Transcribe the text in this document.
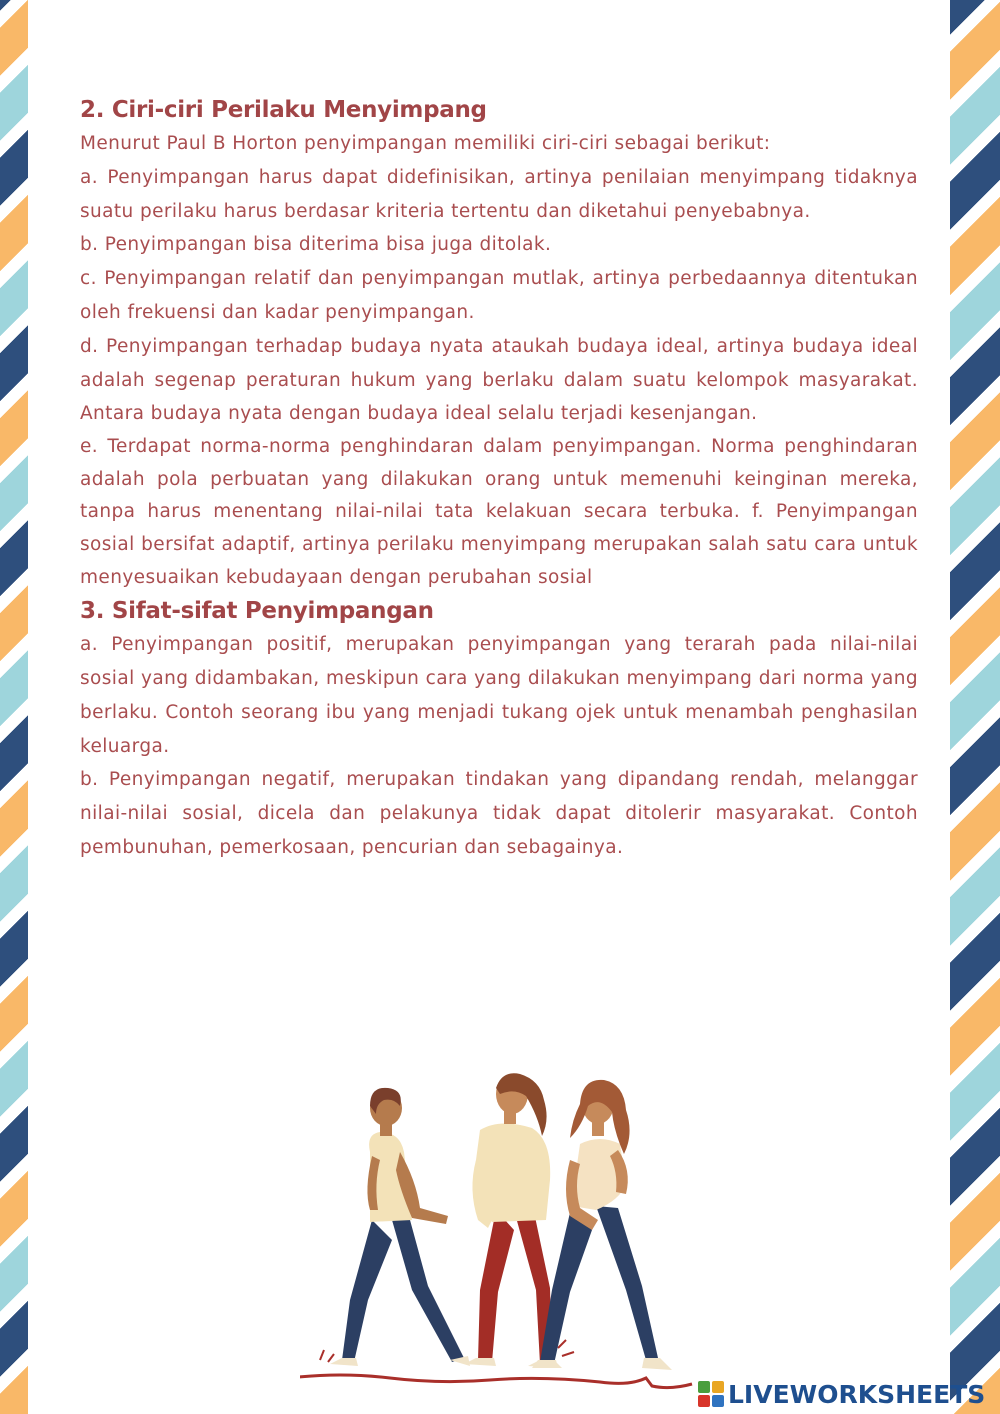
2. Ciri-ciri Perilaku Menyimpang

Menurut Paul B Horton penyimpangan memiliki ciri-ciri sebagai berikut:

a. Penyimpangan harus dapat didefinisikan, artinya penilaian menyimpang tidaknya suatu perilaku harus berdasar kriteria tertentu dan diketahui penyebabnya.

b. Penyimpangan bisa diterima bisa juga ditolak.

c. Penyimpangan relatif dan penyimpangan mutlak, artinya perbedaannya ditentukan oleh frekuensi dan kadar penyimpangan.

d. Penyimpangan terhadap budaya nyata ataukah budaya ideal, artinya budaya ideal adalah segenap peraturan hukum yang berlaku dalam suatu kelompok masyarakat. Antara budaya nyata dengan budaya ideal selalu terjadi kesenjangan.

e. Terdapat norma-norma penghindaran dalam penyimpangan. Norma penghindaran adalah pola perbuatan yang dilakukan orang untuk memenuhi keinginan mereka, tanpa harus menentang nilai-nilai tata kelakuan secara terbuka. f. Penyimpangan sosial bersifat adaptif, artinya perilaku menyimpang merupakan salah satu cara untuk menyesuaikan kebudayaan dengan perubahan sosial

3. Sifat-sifat Penyimpangan

a. Penyimpangan positif, merupakan penyimpangan yang terarah pada nilai-nilai sosial yang didambakan, meskipun cara yang dilakukan menyimpang dari norma yang berlaku. Contoh seorang ibu yang menjadi tukang ojek untuk menambah penghasilan keluarga.

b. Penyimpangan negatif, merupakan tindakan yang dipandang rendah, melanggar nilai-nilai sosial, dicela dan pelakunya tidak dapat ditolerir masyarakat. Contoh pembunuhan, pemerkosaan, pencurian dan sebagainya.

LIVEWORKSHEETS
